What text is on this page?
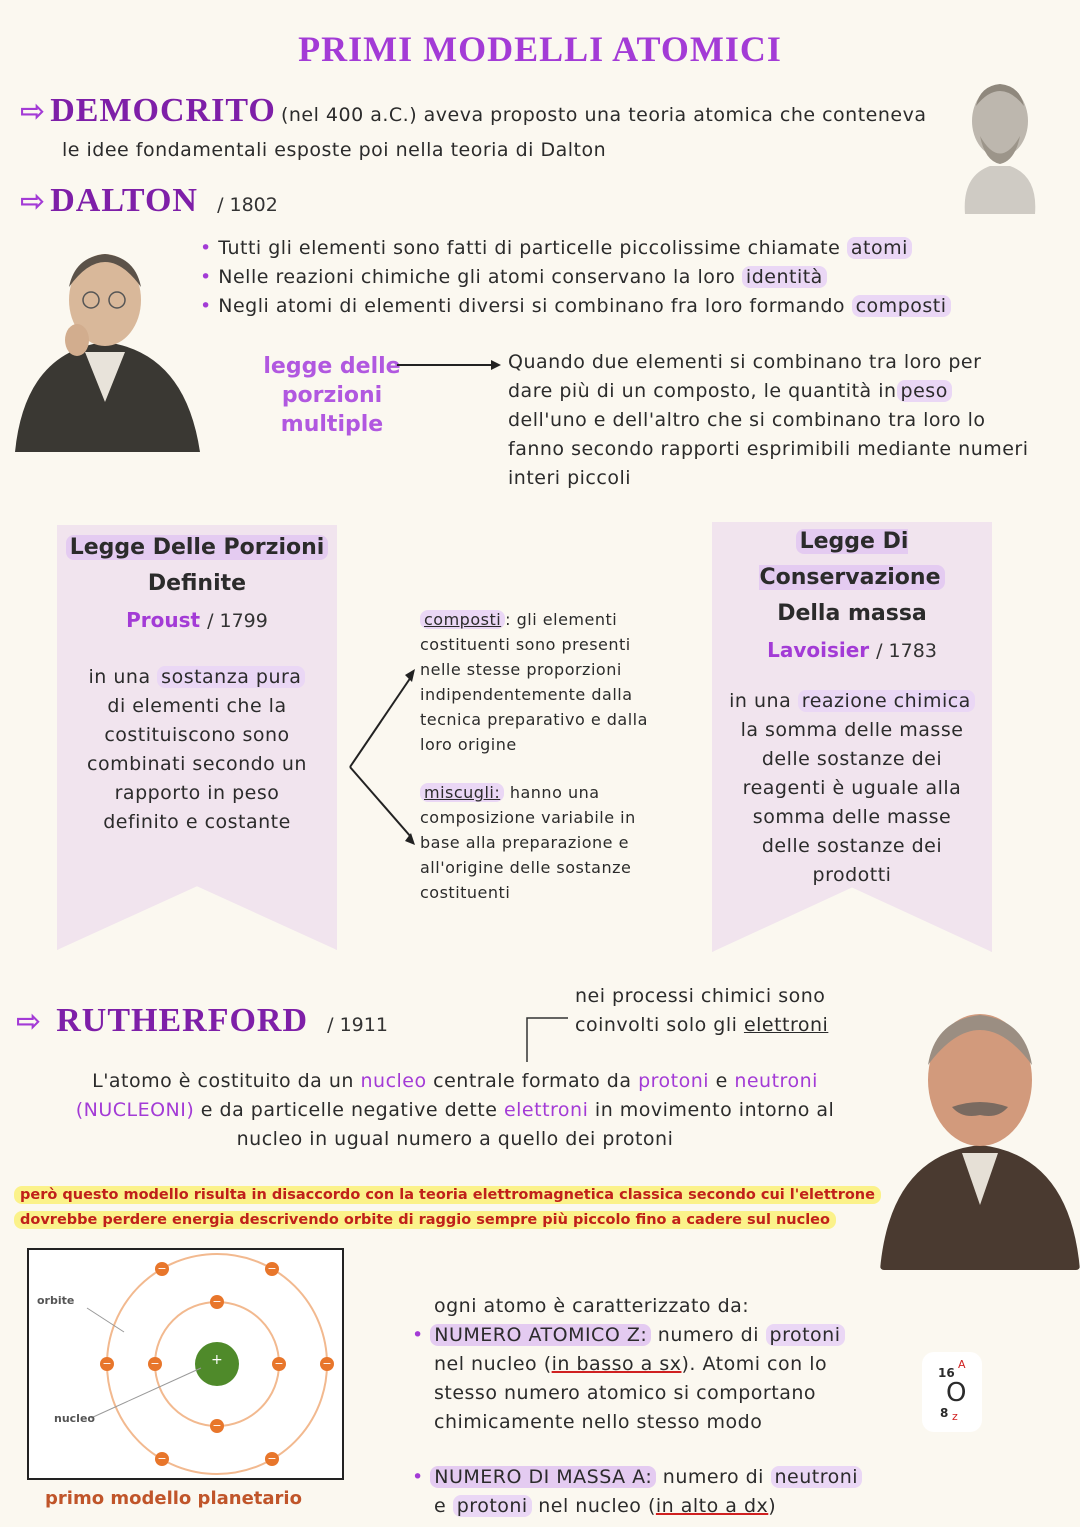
PRIMI MODELLI ATOMICI
⇨ DEMOCRITO (nel 400 a.C.) aveva proposto una teoria atomica che conteneva
le idee fondamentali esposte poi nella teoria di Dalton
⇨ DALTON / 1802
• Tutti gli elementi sono fatti di particelle piccolissime chiamate atomi
• Nelle reazioni chimiche gli atomi conservano la loro identità
• Negli atomi di elementi diversi si combinano fra loro formando composti
legge delle
porzioni multiple
Quando due elementi si combinano tra loro per
dare più di un composto, le quantità in peso
dell'uno e dell'altro che si combinano tra loro lo
fanno secondo rapporti esprimibili mediante numeri
interi piccoli
Legge Delle Porzioni
Definite
Proust / 1799
in una sostanza pura
di elementi che la
costituiscono sono
combinati secondo un
rapporto in peso
definito e costante
composti : gli elementi
costituenti sono presenti
nelle stesse proporzioni
indipendentemente dalla
tecnica preparativo e dalla
loro origine
miscugli: hanno una
composizione variabile in
base alla preparazione e
all'origine delle sostanze
costituenti
Legge Di Conservazione
Della massa
Lavoisier / 1783
in una reazione chimica
la somma delle masse
delle sostanze dei
reagenti è uguale alla
somma delle masse
delle sostanze dei
prodotti
⇨ RUTHERFORD / 1911
nei processi chimici sono
coinvolti solo gli elettroni
L'atomo è costituito da un nucleo centrale formato da protoni e neutroni
(NUCLEONI) e da particelle negative dette elettroni in movimento intorno al
nucleo in ugual numero a quello dei protoni
però questo modello risulta in disaccordo con la teoria elettromagnetica classica secondo cui l'elettrone
dovrebbe perdere energia descrivendo orbite di raggio sempre più piccolo fino a cadere sul nucleo
+
orbite
nucleo
−
−
−
−
−
−
−
−
−
−
primo modello planetario
ogni atomo è caratterizzato da:
• NUMERO ATOMICO Z: numero di protoni
nel nucleo (in basso a sx). Atomi con lo
stesso numero atomico si comportano
chimicamente nello stesso modo
• NUMERO DI MASSA A: numero di neutroni
e protoni nel nucleo (in alto a dx)
16
A
O
8 z
